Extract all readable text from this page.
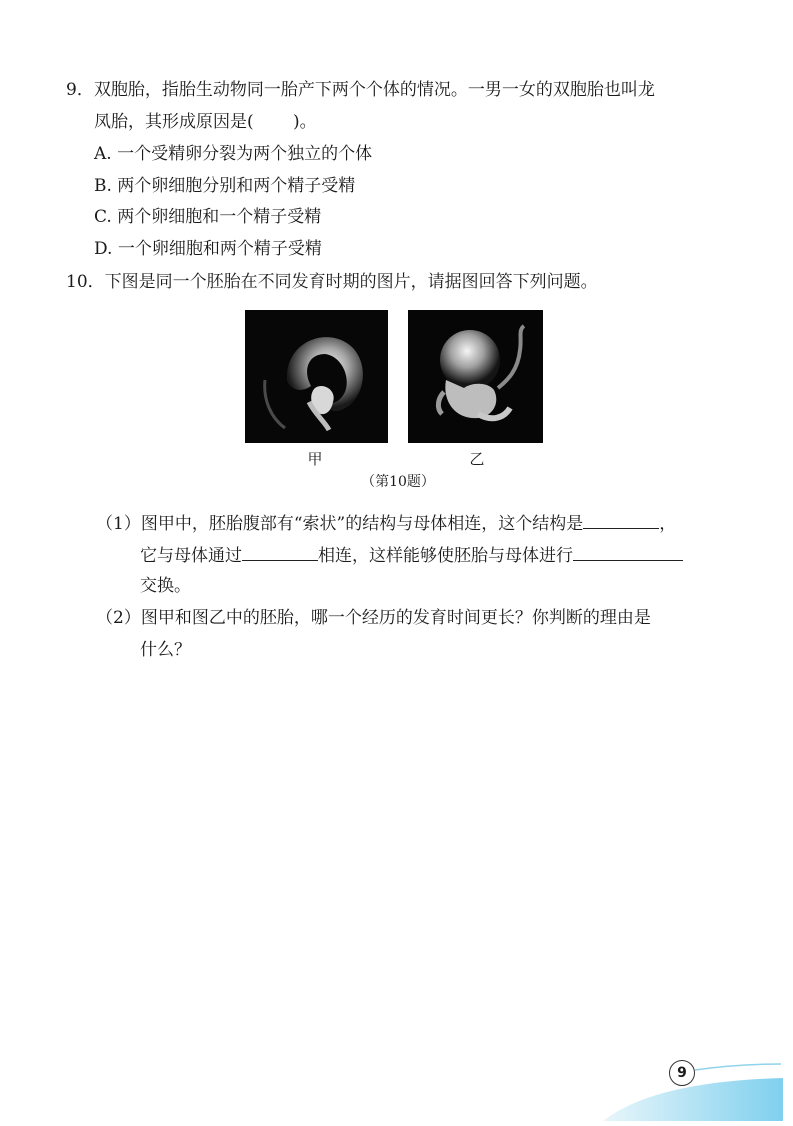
9．双胞胎，指胎生动物同一胎产下两个个体的情况。一男一女的双胞胎也叫龙
凤胎，其形成原因是(　　 )。
A. 一个受精卵分裂为两个独立的个体
B. 两个卵细胞分别和两个精子受精
C. 两个卵细胞和一个精子受精
D. 一个卵细胞和两个精子受精
10．下图是同一个胚胎在不同发育时期的图片，请据图回答下列问题。
甲	乙
（第10题）
（1）图甲中，胚胎腹部有“索状”的结构与母体相连，这个结构是	，
它与母体通过	相连，这样能够使胚胎与母体进行
交换。
（2）图甲和图乙中的胚胎，哪一个经历的发育时间更长？你判断的理由是
什么？
9
